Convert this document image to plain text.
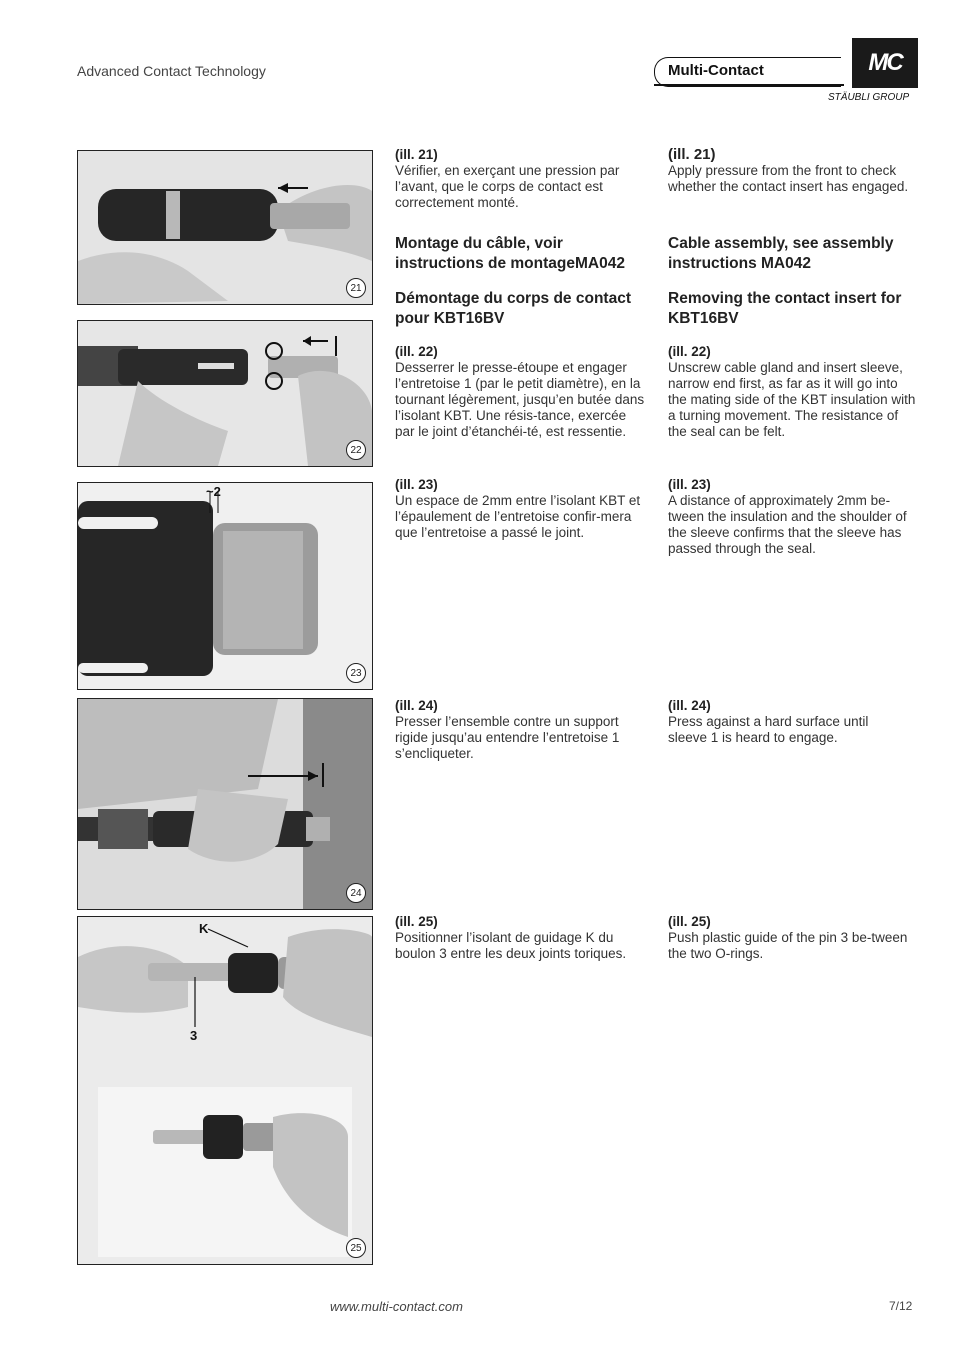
Advanced Contact Technology	Multi-Contact	MC
STÄUBLI GROUP
21
22
~2
23
24
K
3
25
(ill. 21)
Vérifier, en exerçant une pression par l’avant, que le corps de contact est correctement monté.
Montage du câble, voir instructions de montageMA042
Démontage du corps de contact pour KBT16BV
(ill. 22)
Desserrer le presse-étoupe et engager l’entretoise 1 (par le petit diamètre), en la tournant légèrement, jusqu’en butée dans l’isolant KBT. Une résis-tance, exercée par le joint d’étanchéi-té, est ressentie.
(ill. 23)
Un espace de 2mm entre l’isolant KBT et l’épaulement de l’entretoise confir-mera que l’entretoise a passé le joint.
(ill. 24)
Presser l’ensemble contre un support rigide jusqu’au entendre l’entretoise 1 s’encliqueter.
(ill. 25)
Positionner l’isolant de guidage K du boulon 3 entre les deux joints toriques.
(ill. 21)
Apply pressure from the front to check whether the contact insert has engaged.
Cable assembly, see assembly instructions MA042
Removing the contact insert for KBT16BV
(ill. 22)
Unscrew cable gland and insert sleeve, narrow end first, as far as it will go into the mating side of the KBT insulation with a turning movement. The resistance of the seal can be felt.
(ill. 23)
A distance of approximately 2mm be-tween the insulation and the shoulder of the sleeve confirms that the sleeve has passed through the seal.
(ill. 24)
Press against a hard surface until sleeve 1 is heard to engage.
(ill. 25)
Push plastic guide of the pin 3 be-tween the two O-rings.
www.multi-contact.com	7/12
